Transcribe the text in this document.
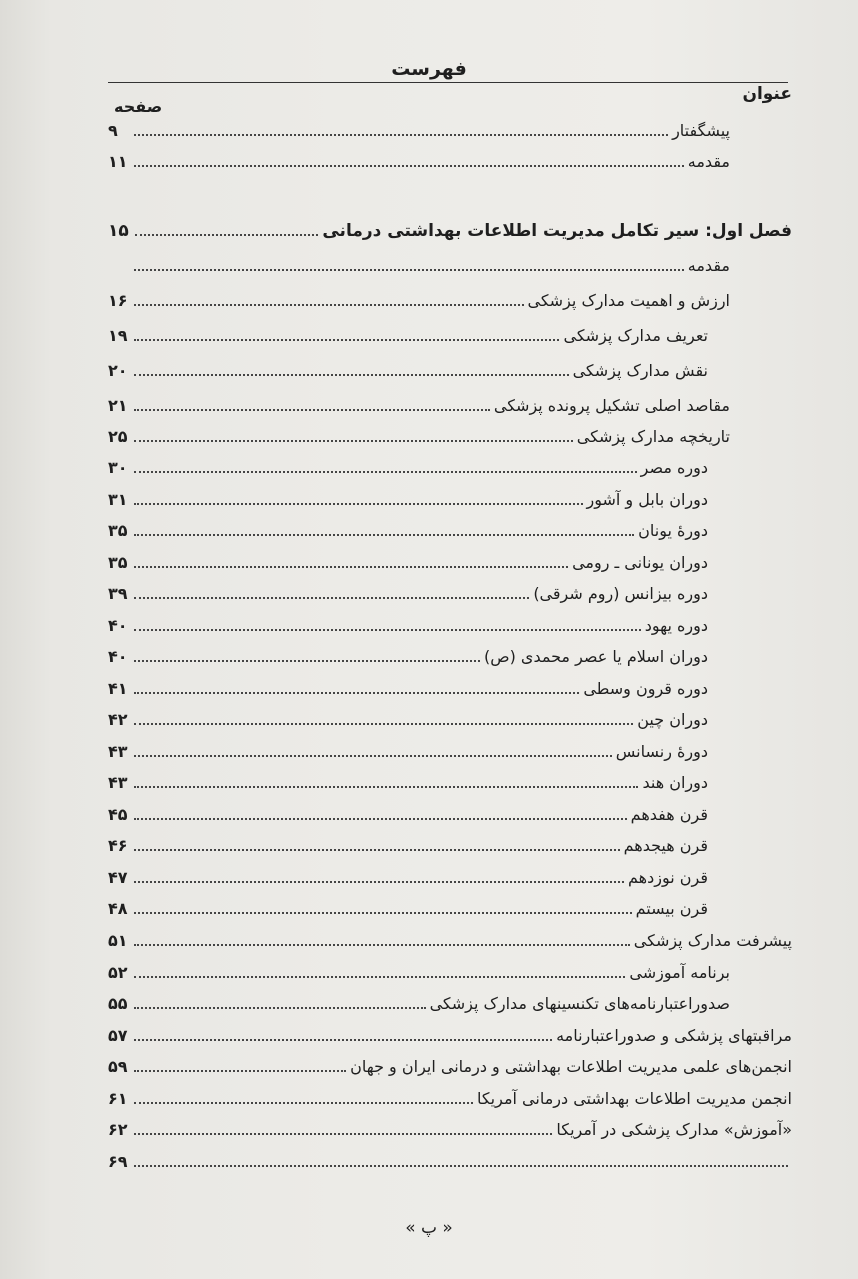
فهرست
عنوان
صفحه
پیشگفتار
۹
مقدمه
۱۱
فصل اول: سیر تکامل مدیریت اطلاعات بهداشتی درمانی
۱۵
مقدمه
ارزش و اهمیت مدارک پزشکی
۱۶
تعریف مدارک پزشکی
۱۹
نقش مدارک پزشکی
۲۰
مقاصد اصلی تشکیل پرونده پزشکی
۲۱
تاریخچه مدارک پزشکی
۲۵
دوره مصر
۳۰
دوران بابل و آشور
۳۱
دورهٔ یونان
۳۵
دوران یونانی ـ رومی
۳۵
دوره بیزانس (روم شرقی)
۳۹
دوره یهود
۴۰
دوران اسلام یا عصر محمدی (ص)
۴۰
دوره قرون وسطی
۴۱
دوران چین
۴۲
دورهٔ رنسانس
۴۳
دوران هند
۴۳
قرن هفدهم
۴۵
قرن هیجدهم
۴۶
قرن نوزدهم
۴۷
قرن بیستم
۴۸
پیشرفت مدارک پزشکی
۵۱
برنامه آموزشی
۵۲
صدوراعتبارنامه‌های تکنسینهای مدارک پزشکی
۵۵
مراقبتهای پزشکی و صدوراعتبارنامه
۵۷
انجمن‌های علمی مدیریت اطلاعات بهداشتی و درمانی ایران و جهان
۵۹
انجمن مدیریت اطلاعات بهداشتی درمانی آمریکا
۶۱
«آموزش» مدارک پزشکی در آمریکا
۶۲
۶۹
« پ »
